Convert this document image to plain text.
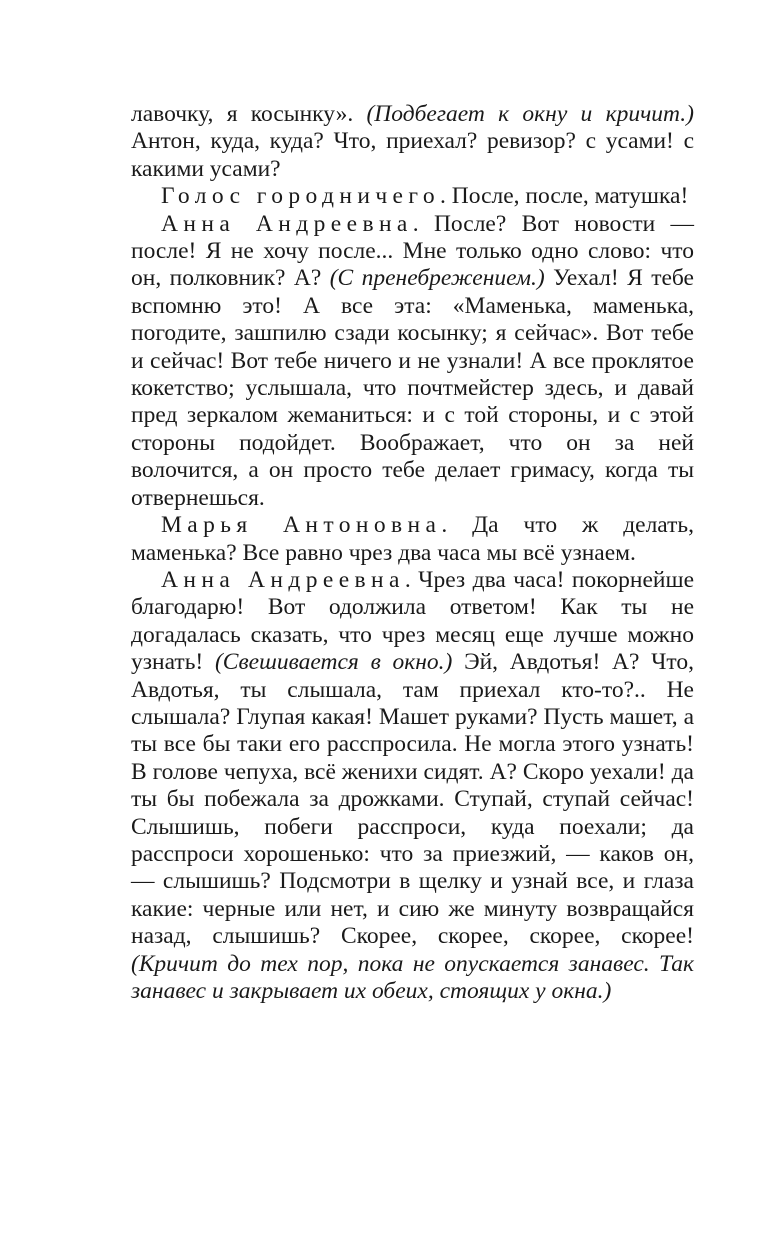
лавочку, я косынку». (Подбегает к окну и кричит.) Антон, куда, куда? Что, приехал? ревизор? с усами! с какими усами?

Голос городничего. После, после, матушка!

Анна Андреевна. После? Вот новости — после! Я не хочу после... Мне только одно слово: что он, полковник? А? (С пренебрежением.) Уехал! Я тебе вспомню это! А все эта: «Маменька, маменька, погодите, зашпилю сзади косынку; я сейчас». Вот тебе и сейчас! Вот тебе ничего и не узнали! А все проклятое кокетство; услышала, что почтмейстер здесь, и давай пред зеркалом жеманиться: и с той стороны, и с этой стороны подойдет. Воображает, что он за ней волочится, а он просто тебе делает гримасу, когда ты отвернешься.

Марья Антоновна. Да что ж делать, маменька? Все равно чрез два часа мы всё узнаем.

Анна Андреевна. Чрез два часа! покорнейше благодарю! Вот одолжила ответом! Как ты не догадалась сказать, что чрез месяц еще лучше можно узнать! (Свешивается в окно.) Эй, Авдотья! А? Что, Авдотья, ты слышала, там приехал кто-то?.. Не слышала? Глупая какая! Машет руками? Пусть машет, а ты все бы таки его расспросила. Не могла этого узнать! В голове чепуха, всё женихи сидят. А? Скоро уехали! да ты бы побежала за дрожками. Ступай, ступай сейчас! Слышишь, побеги расспроси, куда поехали; да расспроси хорошенько: что за приезжий, — каков он, — слышишь? Подсмотри в щелку и узнай все, и глаза какие: черные или нет, и сию же минуту возвращайся назад, слышишь? Скорее, скорее, скорее, скорее! (Кричит до тех пор, пока не опускается занавес. Так занавес и закрывает их обеих, стоящих у окна.)
